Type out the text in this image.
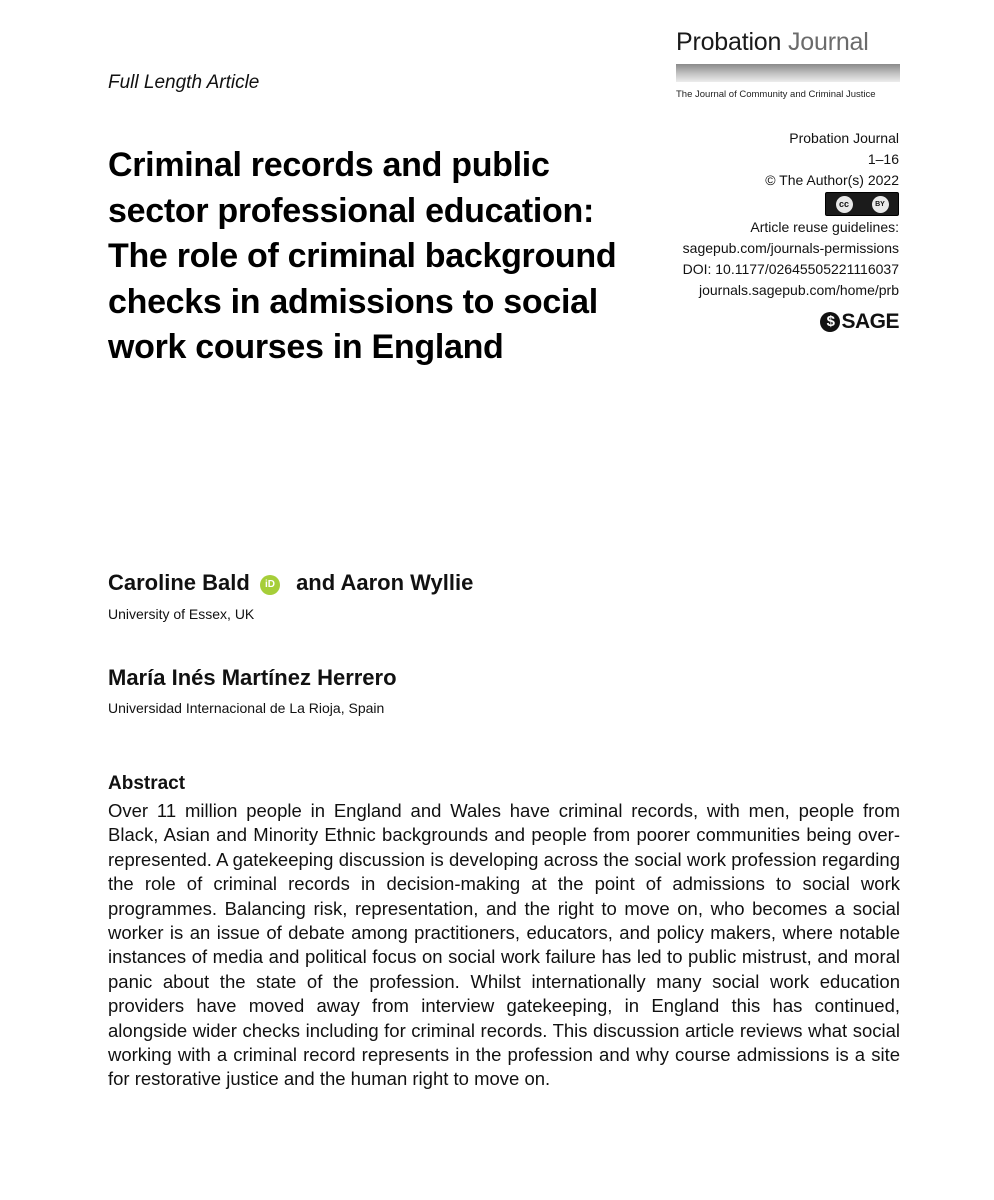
Probation Journal
The Journal of Community and Criminal Justice
Full Length Article
Criminal records and public sector professional education: The role of criminal background checks in admissions to social work courses in England
Probation Journal
1–16
© The Author(s) 2022
cc	BY
Article reuse guidelines:
sagepub.com/journals-permissions
DOI: 10.1177/02645505221116037
journals.sagepub.com/home/prb
$ SAGE
Caroline Bald iD and Aaron Wyllie
University of Essex, UK
María Inés Martínez Herrero
Universidad Internacional de La Rioja, Spain
Abstract

Over 11 million people in England and Wales have criminal records, with men, people from Black, Asian and Minority Ethnic backgrounds and people from poorer communities being over-represented. A gatekeeping discussion is developing across the social work profession regarding the role of criminal records in decision-making at the point of admissions to social work programmes. Balancing risk, representation, and the right to move on, who becomes a social worker is an issue of debate among practitioners, educators, and policy makers, where notable instances of media and political focus on social work failure has led to public mistrust, and moral panic about the state of the profession. Whilst internationally many social work education providers have moved away from interview gatekeeping, in England this has continued, alongside wider checks including for criminal records. This discussion article reviews what social working with a criminal record represents in the profession and why course admissions is a site for restorative justice and the human right to move on.
